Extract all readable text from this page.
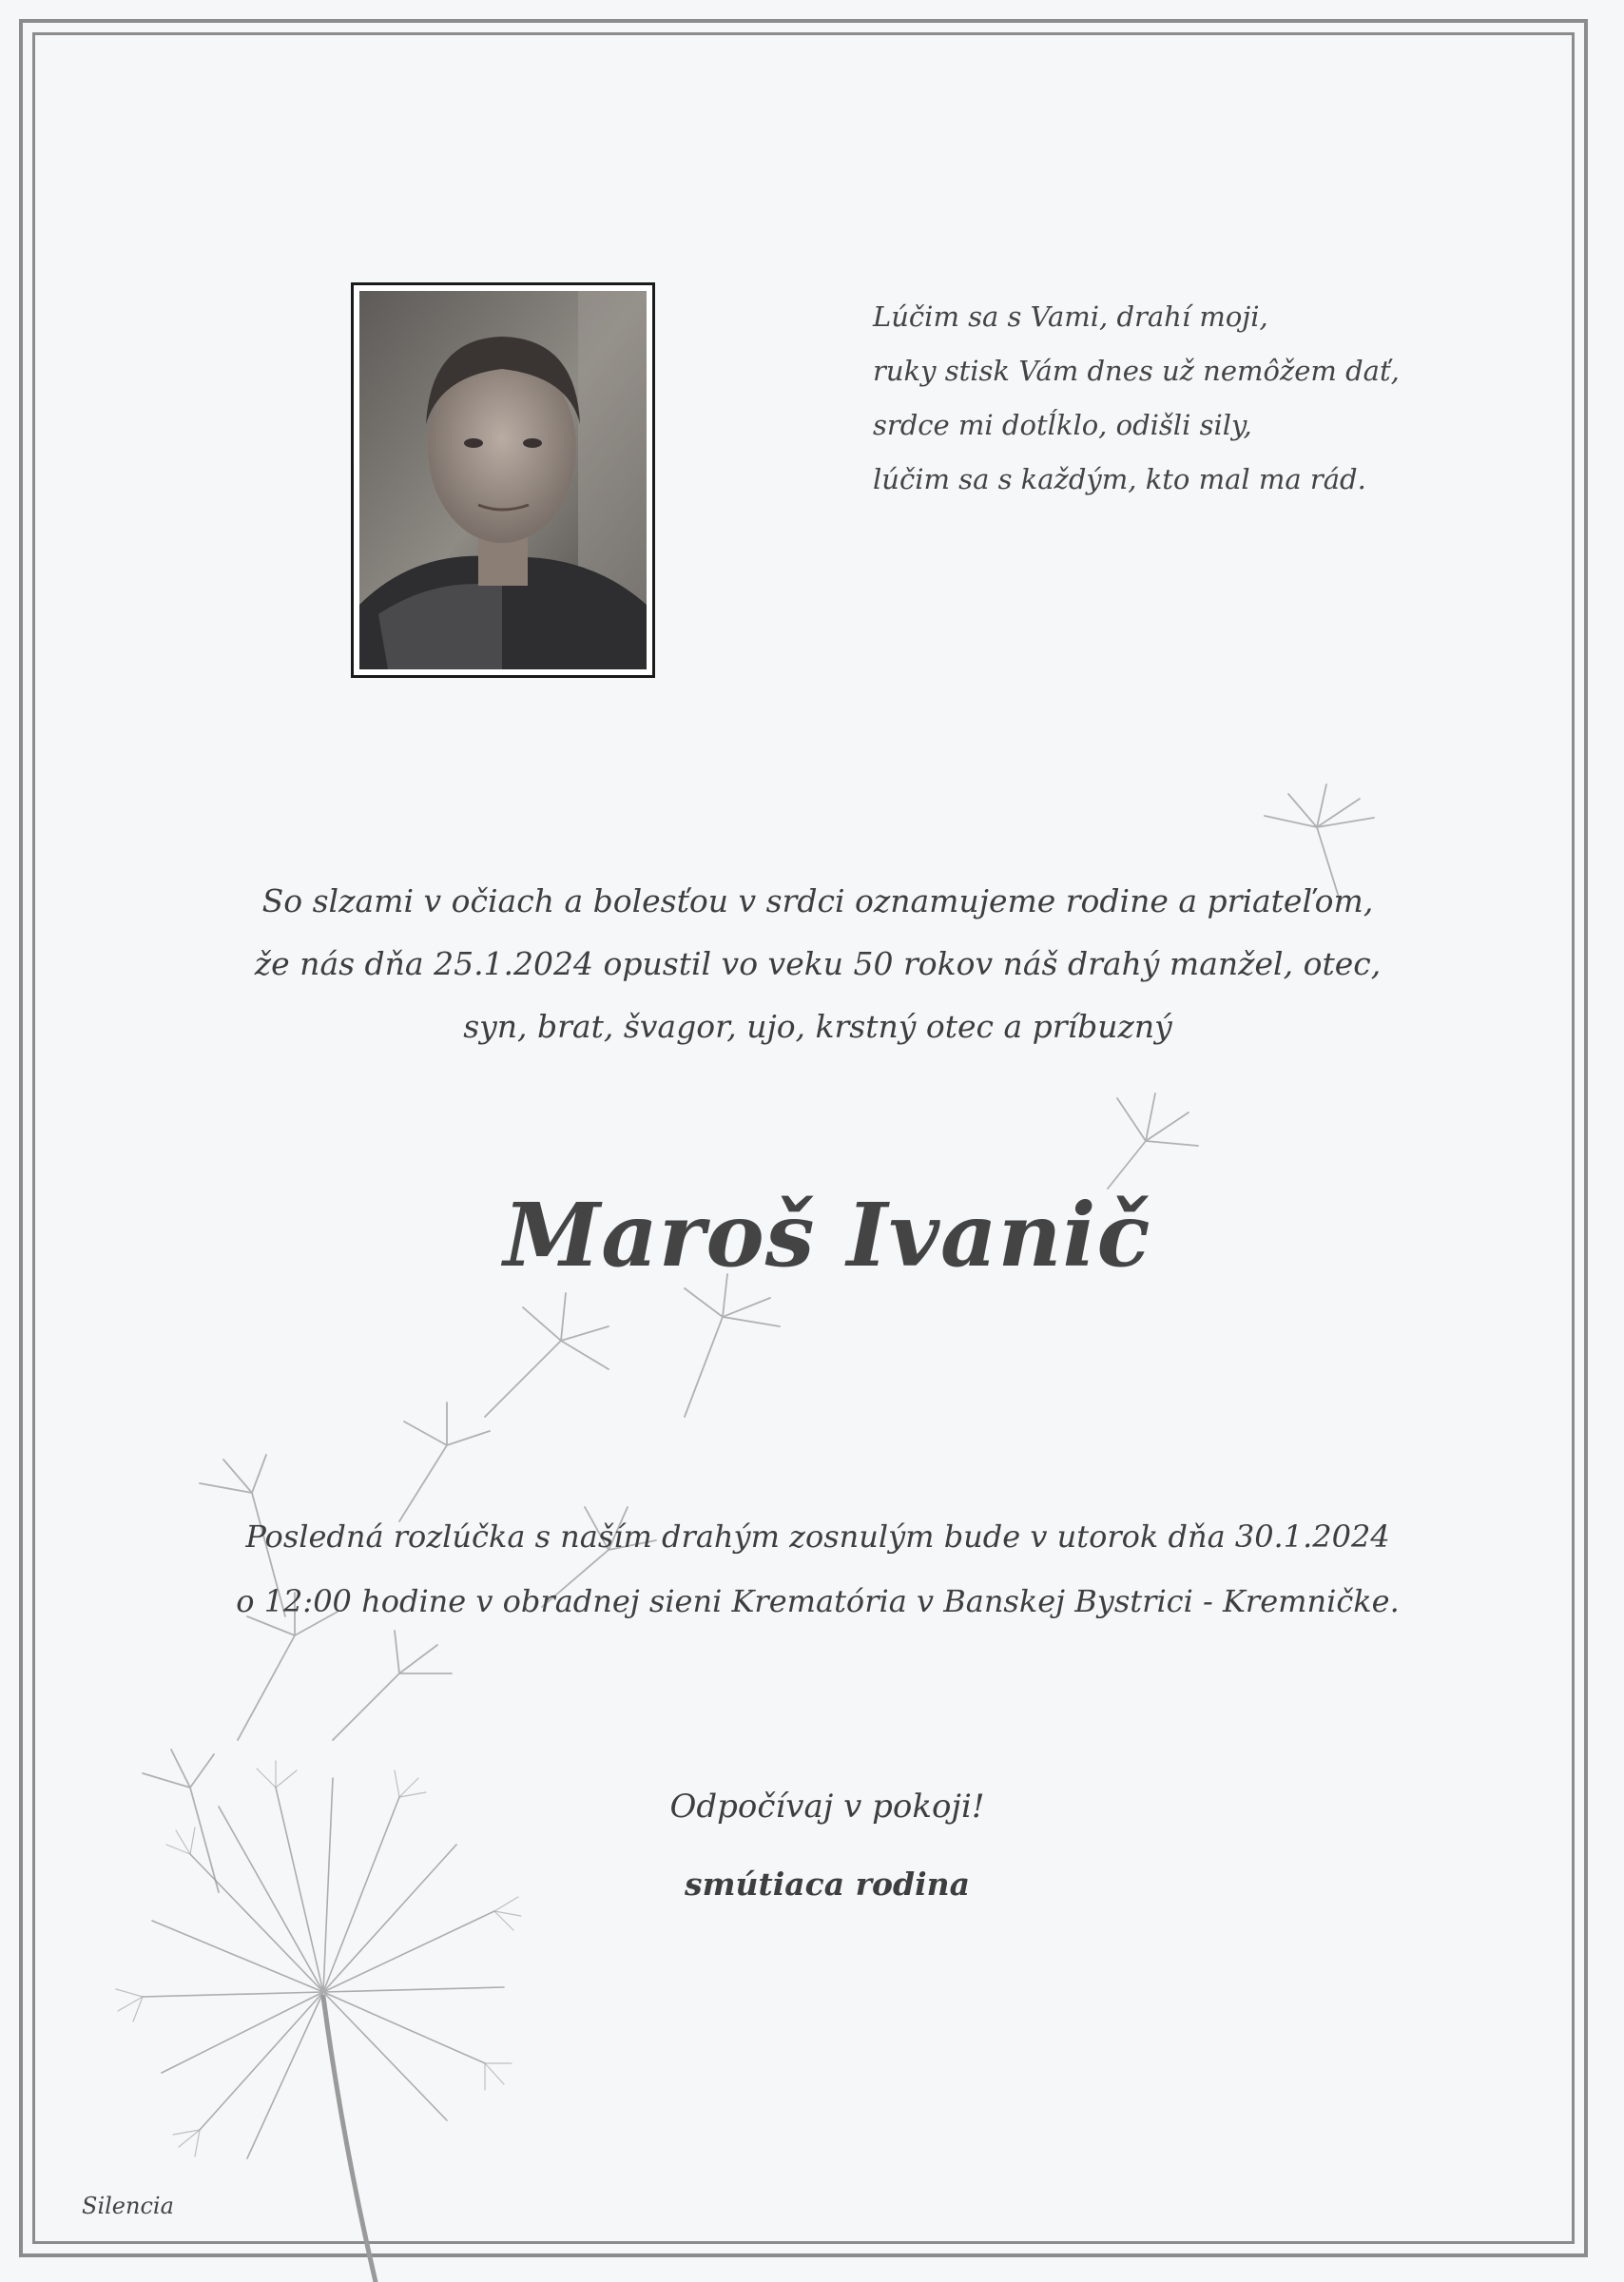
Lúčim sa s Vami, drahí moji,
ruky stisk Vám dnes už nemôžem dať,
srdce mi dotĺklo, odišli sily,
lúčim sa s každým, kto mal ma rád.
So slzami v očiach a bolesťou v srdci oznamujeme rodine a priateľom,
že nás dňa 25.1.2024 opustil vo veku 50 rokov náš drahý manžel, otec,
syn, brat, švagor, ujo, krstný otec a príbuzný
Maroš Ivanič
Posledná rozlúčka s naším drahým zosnulým bude v utorok dňa 30.1.2024
o 12:00 hodine v obradnej sieni Krematória v Banskej Bystrici - Kremničke.
Odpočívaj v pokoji!
smútiaca rodina
Silencia
